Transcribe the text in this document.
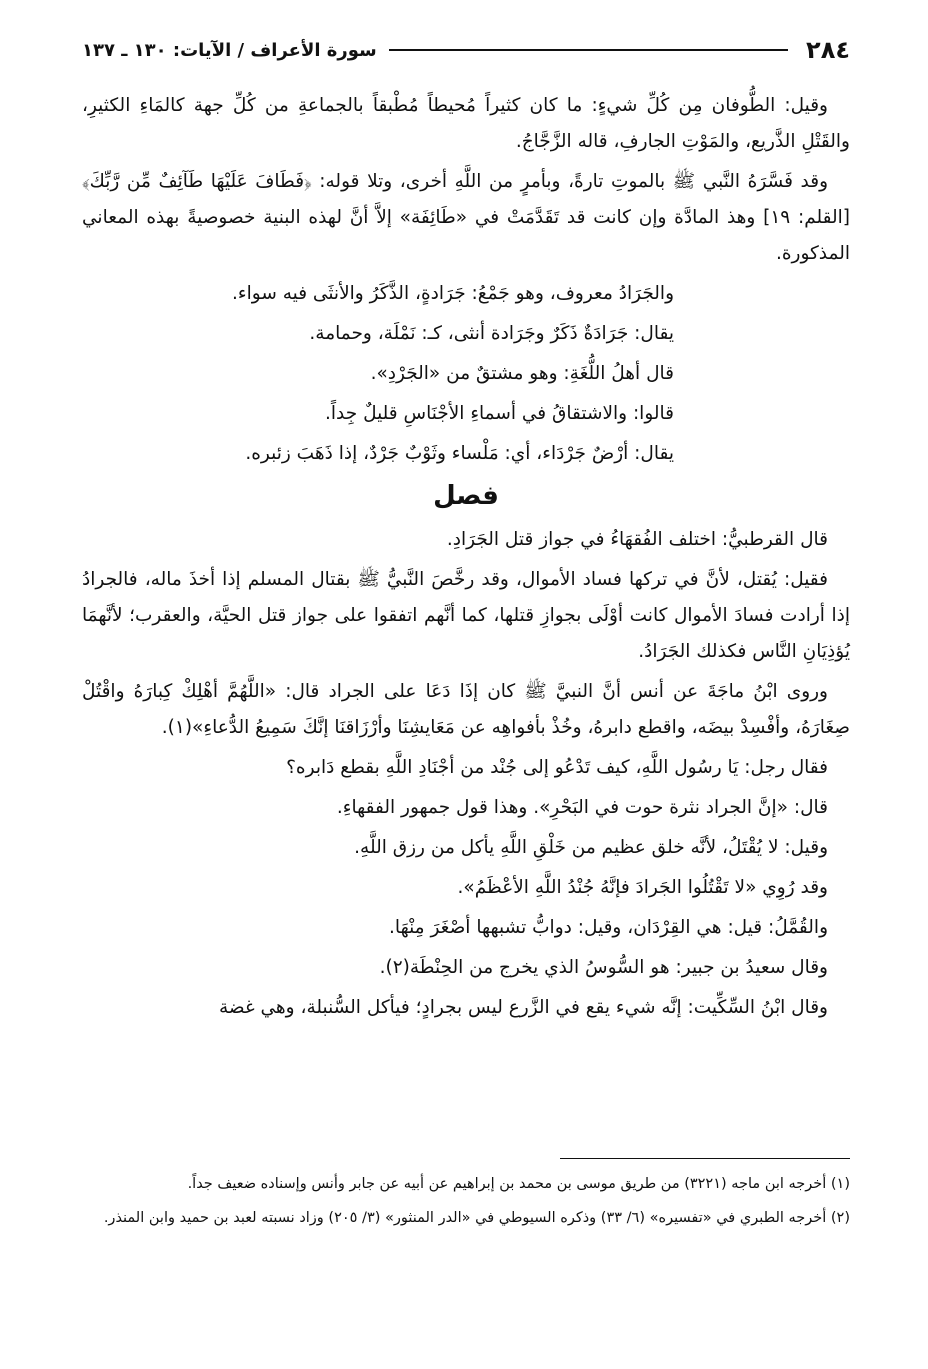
٢٨٤
سورة الأعراف / الآيات: ١٣٠ ـ ١٣٧

وقيل: الطُّوفان مِن كُلِّ شيءٍ: ما كان كثيراً مُحيطاً مُطْبقاً بالجماعةِ من كُلِّ جهة كالمَاءِ الكثيرِ، والقَتْلِ الذَّريع، والمَوْتِ الجارفِ، قاله الزَّجَّاجُ.

وقد فَسَّرَهُ النَّبي ﷺ بالموتِ تارةً، وبأمرٍ من اللَّهِ أخرى، وتلا قوله: ﴿فَطَافَ عَلَيْهَا طَآئِفٌ مِّن رَّبِّكَ﴾ [القلم: ١٩] وهذ المادَّة وإن كانت قد تَقَدَّمَتْ في «طَائِفَة» إلاَّ أنَّ لهذه البنية خصوصيةً بهذه المعاني المذكورة.

والجَرَادُ معروف، وهو جَمْعُ: جَرَادةٍ، الذَّكَرُ والأنثَى فيه سواء.

يقال: جَرَادَةٌ ذَكَرٌ وجَرَادة أنثى، كـ: نَمْلَة، وحمامة.

قال أهلُ اللُّغَةِ: وهو مشتقٌ من «الجَرْدِ».

قالوا: والاشتقاقُ في أسماءِ الأجْنَاسِ قليلٌ جِداً.

يقال: أرْضٌ جَرْدَاء، أي: مَلْساء وثَوْبٌ جَرْدٌ، إذا ذَهَبَ زئبره.

فصل

قال القرطبيُّ: اختلف الفُقهَاءُ في جواز قتل الجَرَادِ.

فقيل: يُقتل، لأنَّ في تركها فساد الأموال، وقد رخَّصَ النَّبيُّ ﷺ بقتال المسلم إذا أخذَ ماله، فالجرادُ إذا أرادت فسادَ الأموال كانت أوْلَى بجوازِ قتلها، كما أنَّهم اتفقوا على جواز قتل الحيَّة، والعقرب؛ لأنَّهمَا يُؤذِيَانِ النَّاس فكذلك الجَرَادُ.

وروى ابْنُ ماجَةَ عن أنس أنَّ النبيَّ ﷺ كان إذَا دَعَا على الجراد قال: «اللَّهُمَّ أهْلِكْ كِبارَهُ واقْتُلْ صِغَارَهُ، وأفْسِدْ بيضَه، واقطع دابرهُ، وخُذْ بأفواهِه عن مَعَايشِنَا وأرْزَاقنَا إنَّكَ سَمِيعُ الدُّعاءِ»(١).

فقال رجل: يَا رسُول اللَّهِ، كيف تَدْعُو إلى جُنْد من أجْنَادِ اللَّهِ بقطع دَابره؟

قال: «إنَّ الجراد نثرة حوت في البَحْرِ». وهذا قول جمهور الفقهاءِ.

وقيل: لا يُقْتَلُ، لأنَّه خلق عظيم من خَلْقِ اللَّهِ يأكل من رزق اللَّهِ.

وقد رُوِي «لا تَقْتُلُوا الجَرادَ فإنَّهُ جُنْدُ اللَّهِ الأعْظَمُ».

والقُمَّلُ: قيل: هي القِرْدَان، وقيل: دوابُّ تشبهها أصْغَرَ مِنْهَا.

وقال سعيدُ بن جبير: هو السُّوسُ الذي يخرج من الحِنْطَة(٢).

وقال ابْنُ السِّكِّيت: إنَّه شيء يقع في الزَّرع ليس بجرادٍ؛ فيأكل السُّنبلة، وهي غضة

(١) أخرجه ابن ماجه (٣٢٢١) من طريق موسى بن محمد بن إبراهيم عن أبيه عن جابر وأنس وإسناده ضعيف جداً.

(٢) أخرجه الطبري في «تفسيره» (٦/ ٣٣) وذكره السيوطي في «الدر المنثور» (٣/ ٢٠٥) وزاد نسبته لعبد بن حميد وابن المنذر.
